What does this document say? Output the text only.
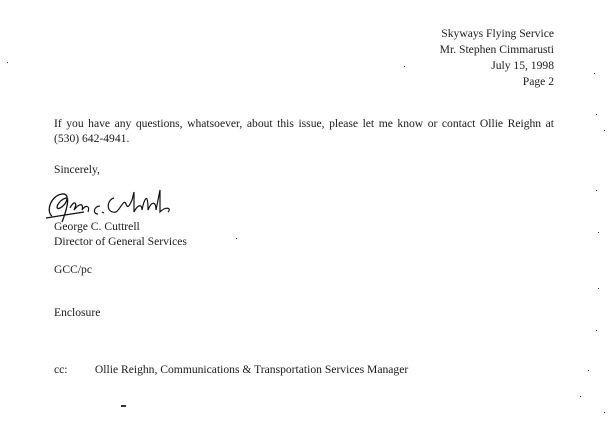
Skyways Flying Service
Mr. Stephen Cimmarusti
July 15, 1998
Page 2
If you have any questions, whatsoever, about this issue, please let me know or contact Ollie Reighn at (530) 642-4941.
Sincerely,
George C. Cuttrell
Director of General Services
GCC/pc
Enclosure
cc: Ollie Reighn, Communications & Transportation Services Manager
